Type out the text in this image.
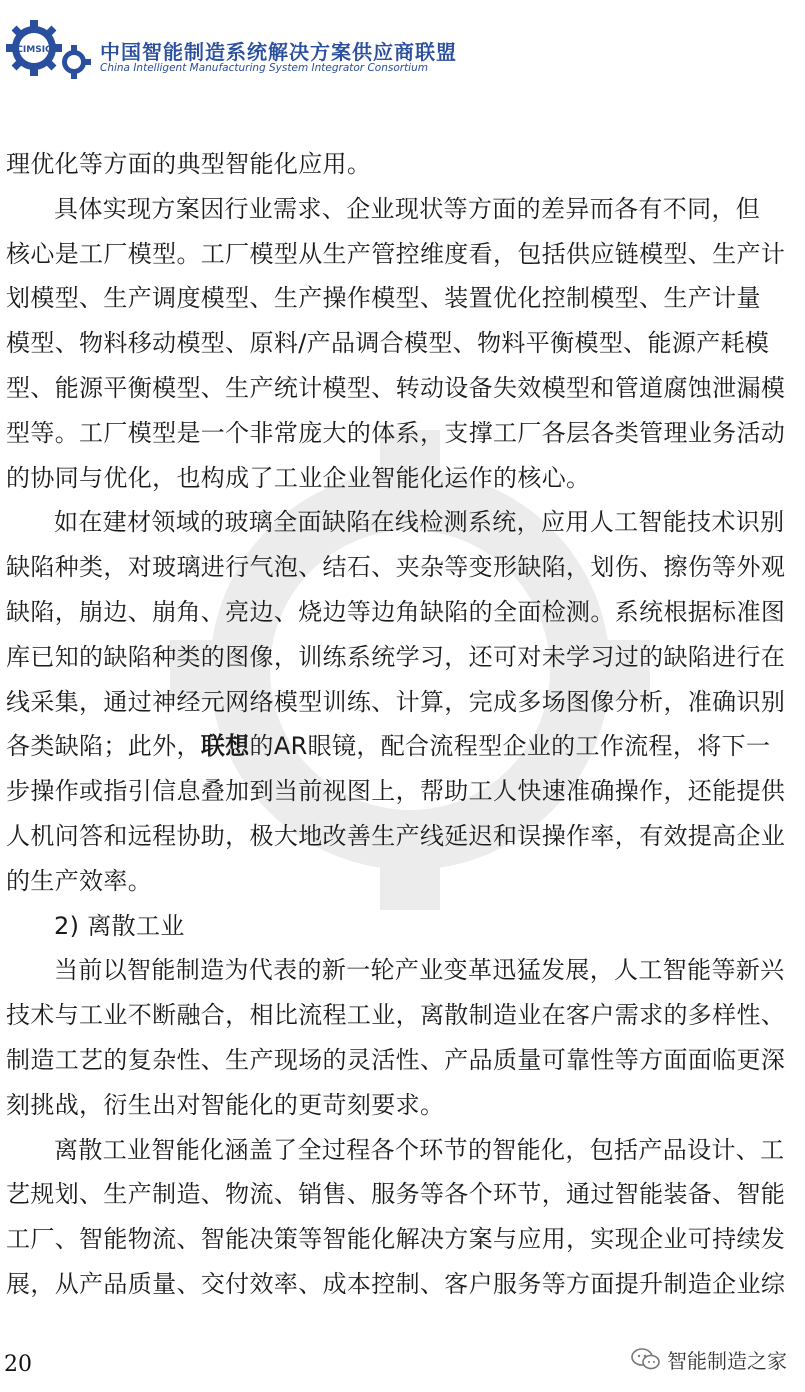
CIMSIC 中国智能制造系统解决方案供应商联盟
China Intelligent Manufacturing System Integrator Consortium
理优化等方面的典型智能化应用。
具体实现方案因行业需求、企业现状等方面的差异而各有不同，但
核心是工厂模型。工厂模型从生产管控维度看，包括供应链模型、生产计
划模型、生产调度模型、生产操作模型、装置优化控制模型、生产计量
模型、物料移动模型、原料/产品调合模型、物料平衡模型、能源产耗模
型、能源平衡模型、生产统计模型、转动设备失效模型和管道腐蚀泄漏模
型等。工厂模型是一个非常庞大的体系，支撑工厂各层各类管理业务活动
的协同与优化，也构成了工业企业智能化运作的核心。
如在建材领域的玻璃全面缺陷在线检测系统，应用人工智能技术识别
缺陷种类，对玻璃进行气泡、结石、夹杂等变形缺陷，划伤、擦伤等外观
缺陷，崩边、崩角、亮边、烧边等边角缺陷的全面检测。系统根据标准图
库已知的缺陷种类的图像，训练系统学习，还可对未学习过的缺陷进行在
线采集，通过神经元网络模型训练、计算，完成多场图像分析，准确识别
各类缺陷；此外，联想的AR眼镜，配合流程型企业的工作流程，将下一
步操作或指引信息叠加到当前视图上，帮助工人快速准确操作，还能提供
人机问答和远程协助，极大地改善生产线延迟和误操作率，有效提高企业
的生产效率。
2) 离散工业
当前以智能制造为代表的新一轮产业变革迅猛发展，人工智能等新兴
技术与工业不断融合，相比流程工业，离散制造业在客户需求的多样性、
制造工艺的复杂性、生产现场的灵活性、产品质量可靠性等方面面临更深
刻挑战，衍生出对智能化的更苛刻要求。
离散工业智能化涵盖了全过程各个环节的智能化，包括产品设计、工
艺规划、生产制造、物流、销售、服务等各个环节，通过智能装备、智能
工厂、智能物流、智能决策等智能化解决方案与应用，实现企业可持续发
展，从产品质量、交付效率、成本控制、客户服务等方面提升制造企业综
20	智能制造之家
